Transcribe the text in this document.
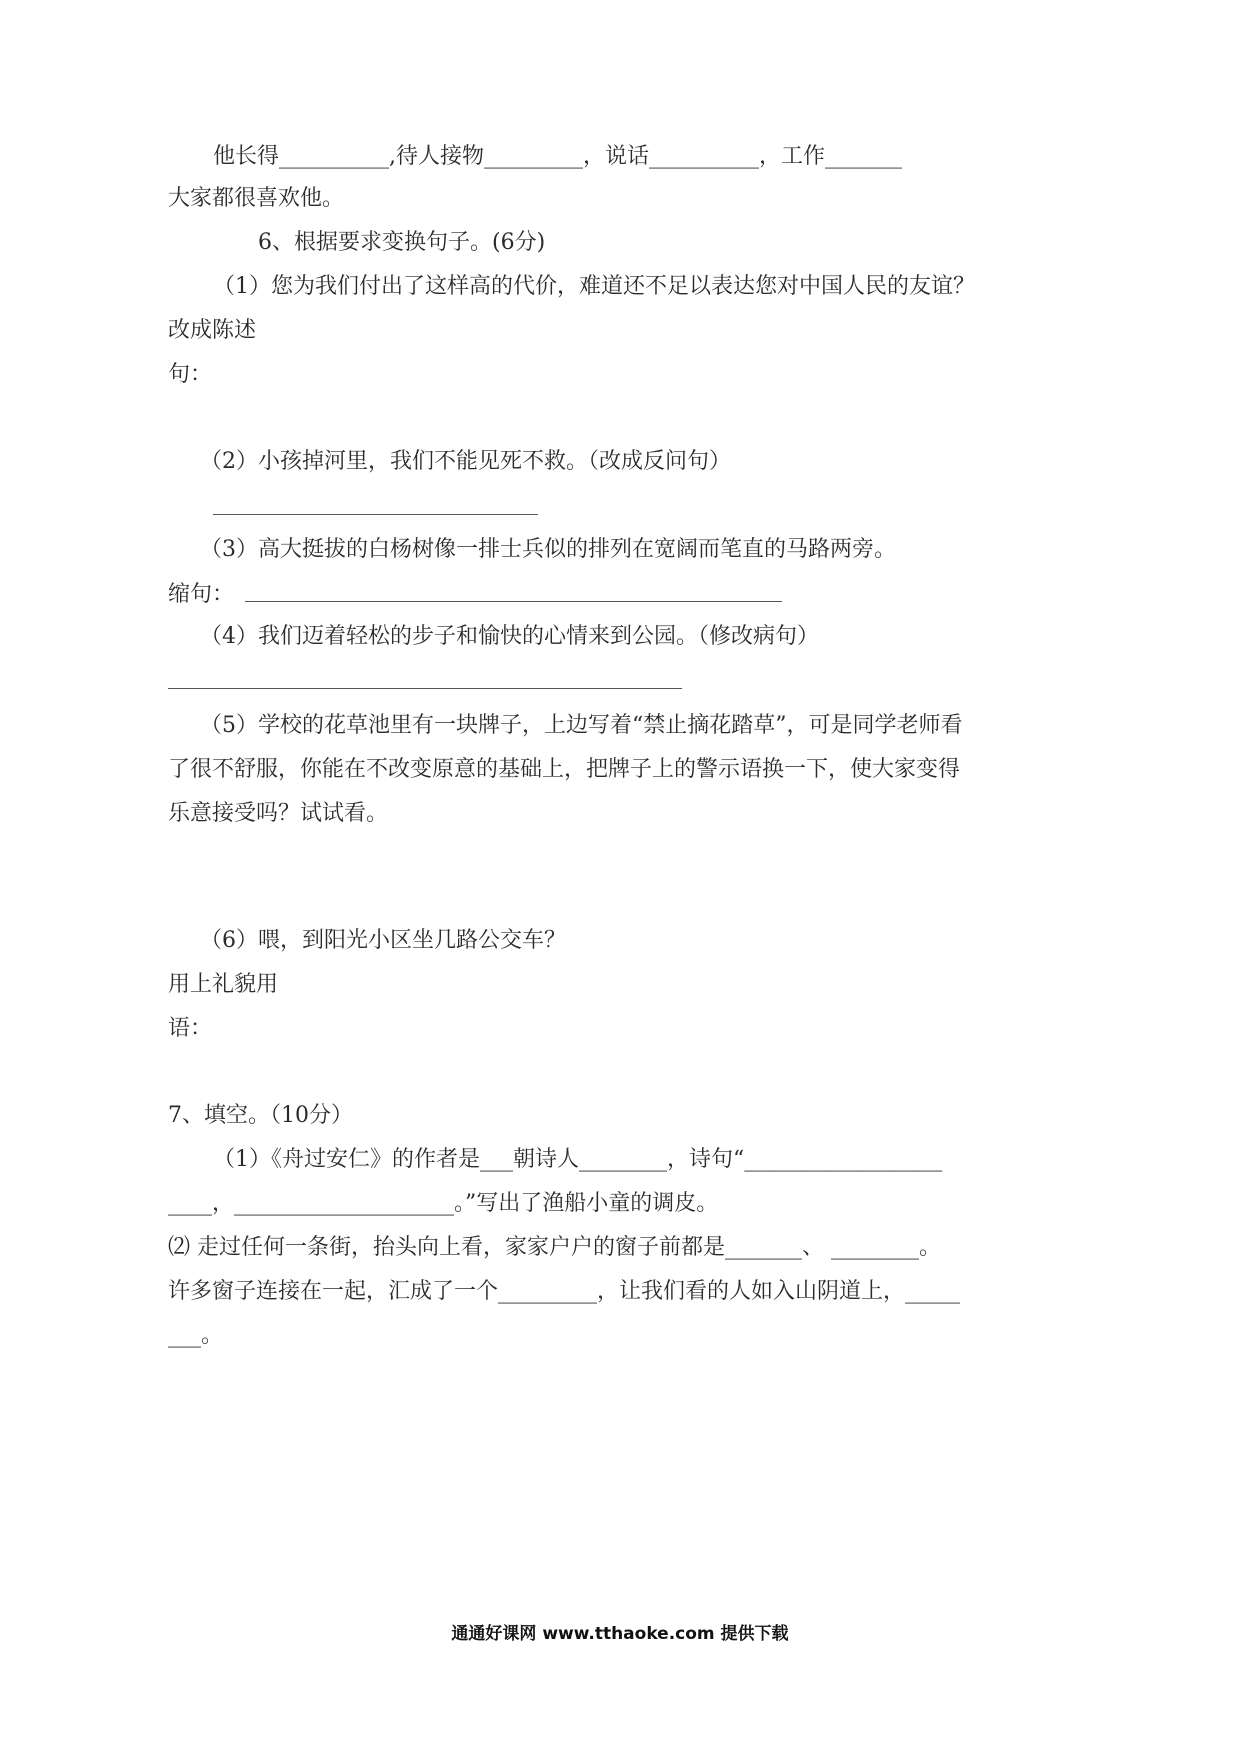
他长得__________,待人接物_________，说话__________，工作_______
大家都很喜欢他。
6、根据要求变换句子。(6分)
（1）您为我们付出了这样高的代价，难道还不足以表达您对中国人民的友谊？
改成陈述
句：
（2）小孩掉河里，我们不能见死不救。（改成反问句）
（3）高大挺拔的白杨树像一排士兵似的排列在宽阔而笔直的马路两旁。
缩句：
（4）我们迈着轻松的步子和愉快的心情来到公园。（修改病句）
（5）学校的花草池里有一块牌子，上边写着“禁止摘花踏草”，可是同学老师看
了很不舒服，你能在不改变原意的基础上，把牌子上的警示语换一下，使大家变得
乐意接受吗？试试看。
（6）喂，到阳光小区坐几路公交车？
用上礼貌用
语：
7、填空。（10分）
（1）《舟过安仁》的作者是___朝诗人________，诗句“__________________
____，____________________。”写出了渔船小童的调皮。
⑵ 走过任何一条街，抬头向上看，家家户户的窗子前都是_______、 ________。
许多窗子连接在一起，汇成了一个_________，让我们看的人如入山阴道上，_____
___。
通通好课网 www.tthaoke.com 提供下载
